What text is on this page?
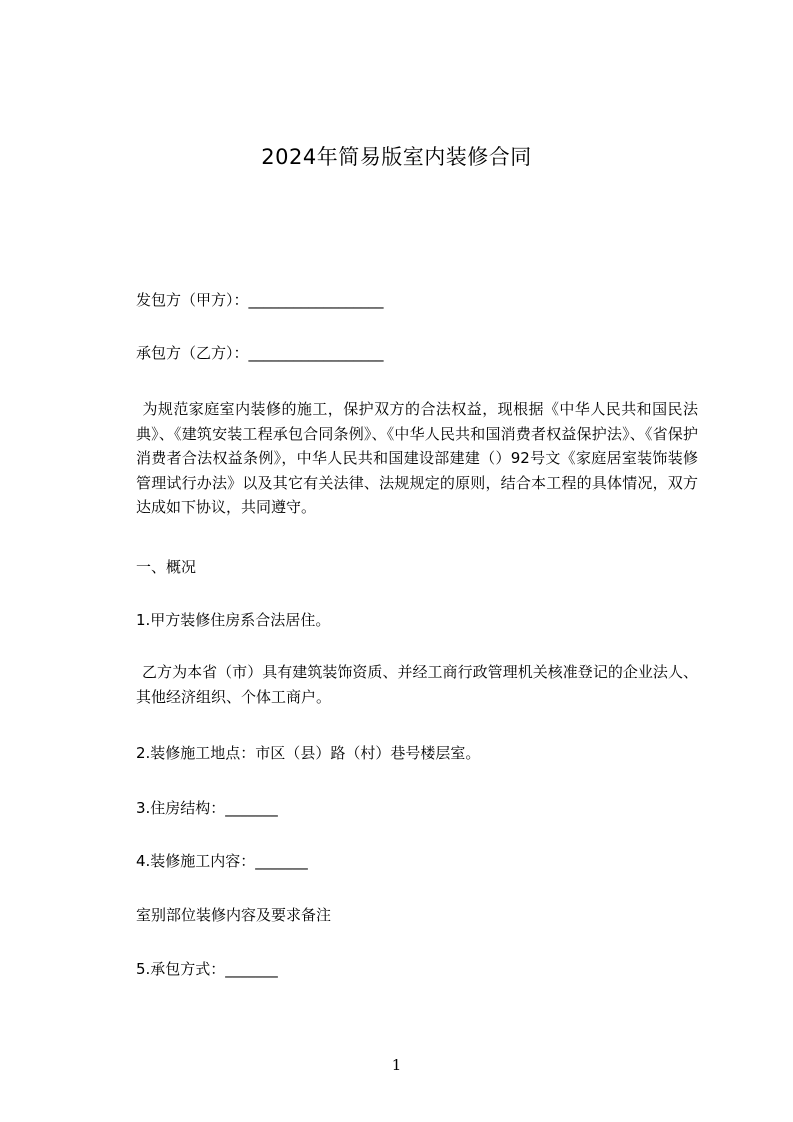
2024年简易版室内装修合同
发包方（甲方）：__________________
承包方（乙方）：__________________
为规范家庭室内装修的施工，保护双方的合法权益，现根据《中华人民共和国民法典》、《建筑安装工程承包合同条例》、《中华人民共和国消费者权益保护法》、《省保护消费者合法权益条例》，中华人民共和国建设部建建（）92号文《家庭居室装饰装修管理试行办法》以及其它有关法律、法规规定的原则，结合本工程的具体情况，双方达成如下协议，共同遵守。
一、概况
1.甲方装修住房系合法居住。
乙方为本省（市）具有建筑装饰资质、并经工商行政管理机关核准登记的企业法人、其他经济组织、个体工商户。
2.装修施工地点：市区（县）路（村）巷号楼层室。
3.住房结构：_______
4.装修施工内容：_______
室别部位装修内容及要求备注
5.承包方式：_______
1
